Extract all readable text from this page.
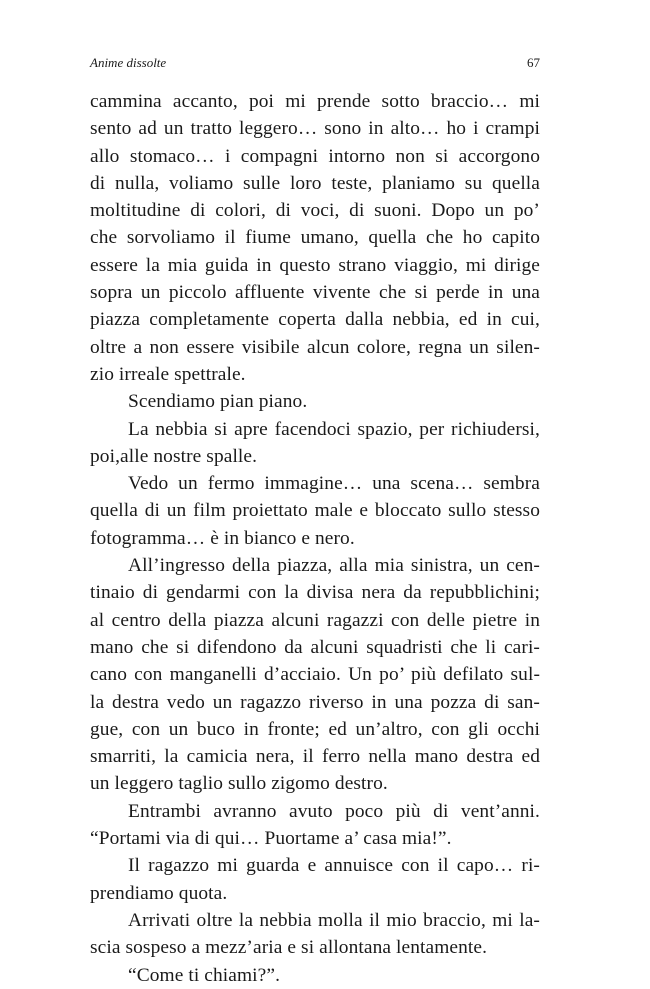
Anime dissolte	67
cammina accanto, poi mi prende sotto braccio… mi
sento ad un tratto leggero… sono in alto… ho i crampi
allo stomaco… i compagni intorno non si accorgono
di nulla, voliamo sulle loro teste, planiamo su quella
moltitudine di colori, di voci, di suoni. Dopo un po’
che sorvoliamo il fiume umano, quella che ho capito
essere la mia guida in questo strano viaggio, mi dirige
sopra un piccolo affluente vivente che si perde in una
piazza completamente coperta dalla nebbia, ed in cui,
oltre a non essere visibile alcun colore, regna un silen-
zio irreale spettrale.
Scendiamo pian piano.
La nebbia si apre facendoci spazio, per richiudersi,
poi,alle nostre spalle.
Vedo un fermo immagine… una scena… sembra
quella di un film proiettato male e bloccato sullo stesso
fotogramma… è in bianco e nero.
All’ingresso della piazza, alla mia sinistra, un cen-
tinaio di gendarmi con la divisa nera da repubblichini;
al centro della piazza alcuni ragazzi con delle pietre in
mano che si difendono da alcuni squadristi che li cari-
cano con manganelli d’acciaio. Un po’ più defilato sul-
la destra vedo un ragazzo riverso in una pozza di san-
gue, con un buco in fronte; ed un’altro, con gli occhi
smarriti, la camicia nera, il ferro nella mano destra ed
un leggero taglio sullo zigomo destro.
Entrambi avranno avuto poco più di vent’anni.
“Portami via di qui… Puortame a’ casa mia!”.
Il ragazzo mi guarda e annuisce con il capo… ri-
prendiamo quota.
Arrivati oltre la nebbia molla il mio braccio, mi la-
scia sospeso a mezz’aria e si allontana lentamente.
“Come ti chiami?”.
